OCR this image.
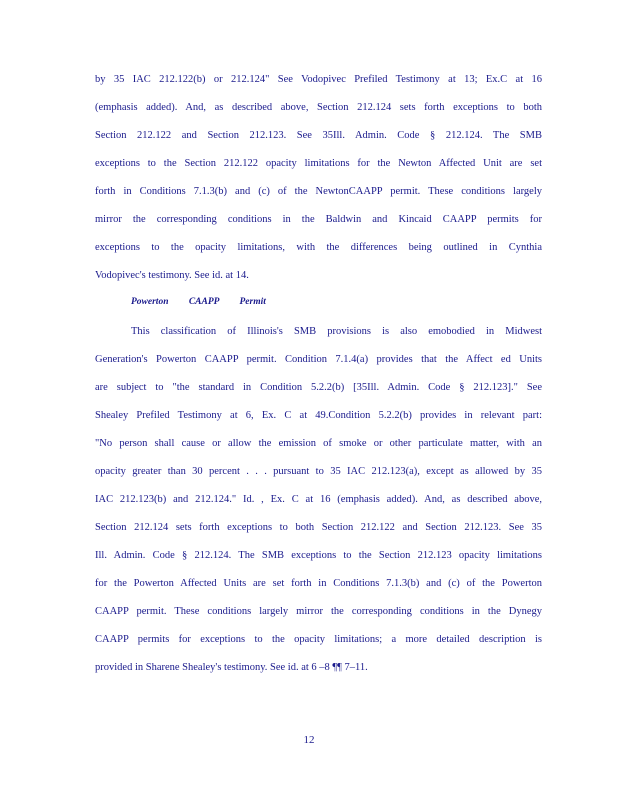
by 35 IAC 212.122(b) or 212.124" See Vodopivec Prefiled Testimony at 13; Ex.C at 16
(emphasis added). And, as described above, Section 212.124 sets forth exceptions to both
Section 212.122 and Section 212.123. See 35Ill. Admin. Code § 212.124. The SMB
exceptions to the Section 212.122 opacity limitations for the Newton Affected Unit are set
forth in Conditions 7.1.3(b) and (c) of the NewtonCAAPP permit. These conditions largely
mirror the corresponding conditions in the Baldwin and Kincaid CAAPP permits for
exceptions to the opacity limitations, with the differences being outlined in Cynthia
Vodopivec's testimony. See id. at 14.
Powerton CAAPP Permit
This classification of Illinois's SMB provisions is also emobodied in Midwest
Generation's Powerton CAAPP permit. Condition 7.1.4(a) provides that the Affect ed Units
are subject to "the standard in Condition 5.2.2(b) [35Ill. Admin. Code § 212.123]." See
Shealey Prefiled Testimony at 6, Ex. C at 49.Condition 5.2.2(b) provides in relevant part:
"No person shall cause or allow the emission of smoke or other particulate matter, with an
opacity greater than 30 percent . . . pursuant to 35 IAC 212.123(a), except as allowed by 35
IAC 212.123(b) and 212.124." Id. , Ex. C at 16 (emphasis added). And, as described above,
Section 212.124 sets forth exceptions to both Section 212.122 and Section 212.123. See 35
Ill. Admin. Code § 212.124. The SMB exceptions to the Section 212.123 opacity limitations
for the Powerton Affected Units are set forth in Conditions 7.1.3(b) and (c) of the Powerton
CAAPP permit. These conditions largely mirror the corresponding conditions in the Dynegy
CAAPP permits for exceptions to the opacity limitations; a more detailed description is
provided in Sharene Shealey's testimony. See id. at 6 –8 ¶¶ 7–11.
12
